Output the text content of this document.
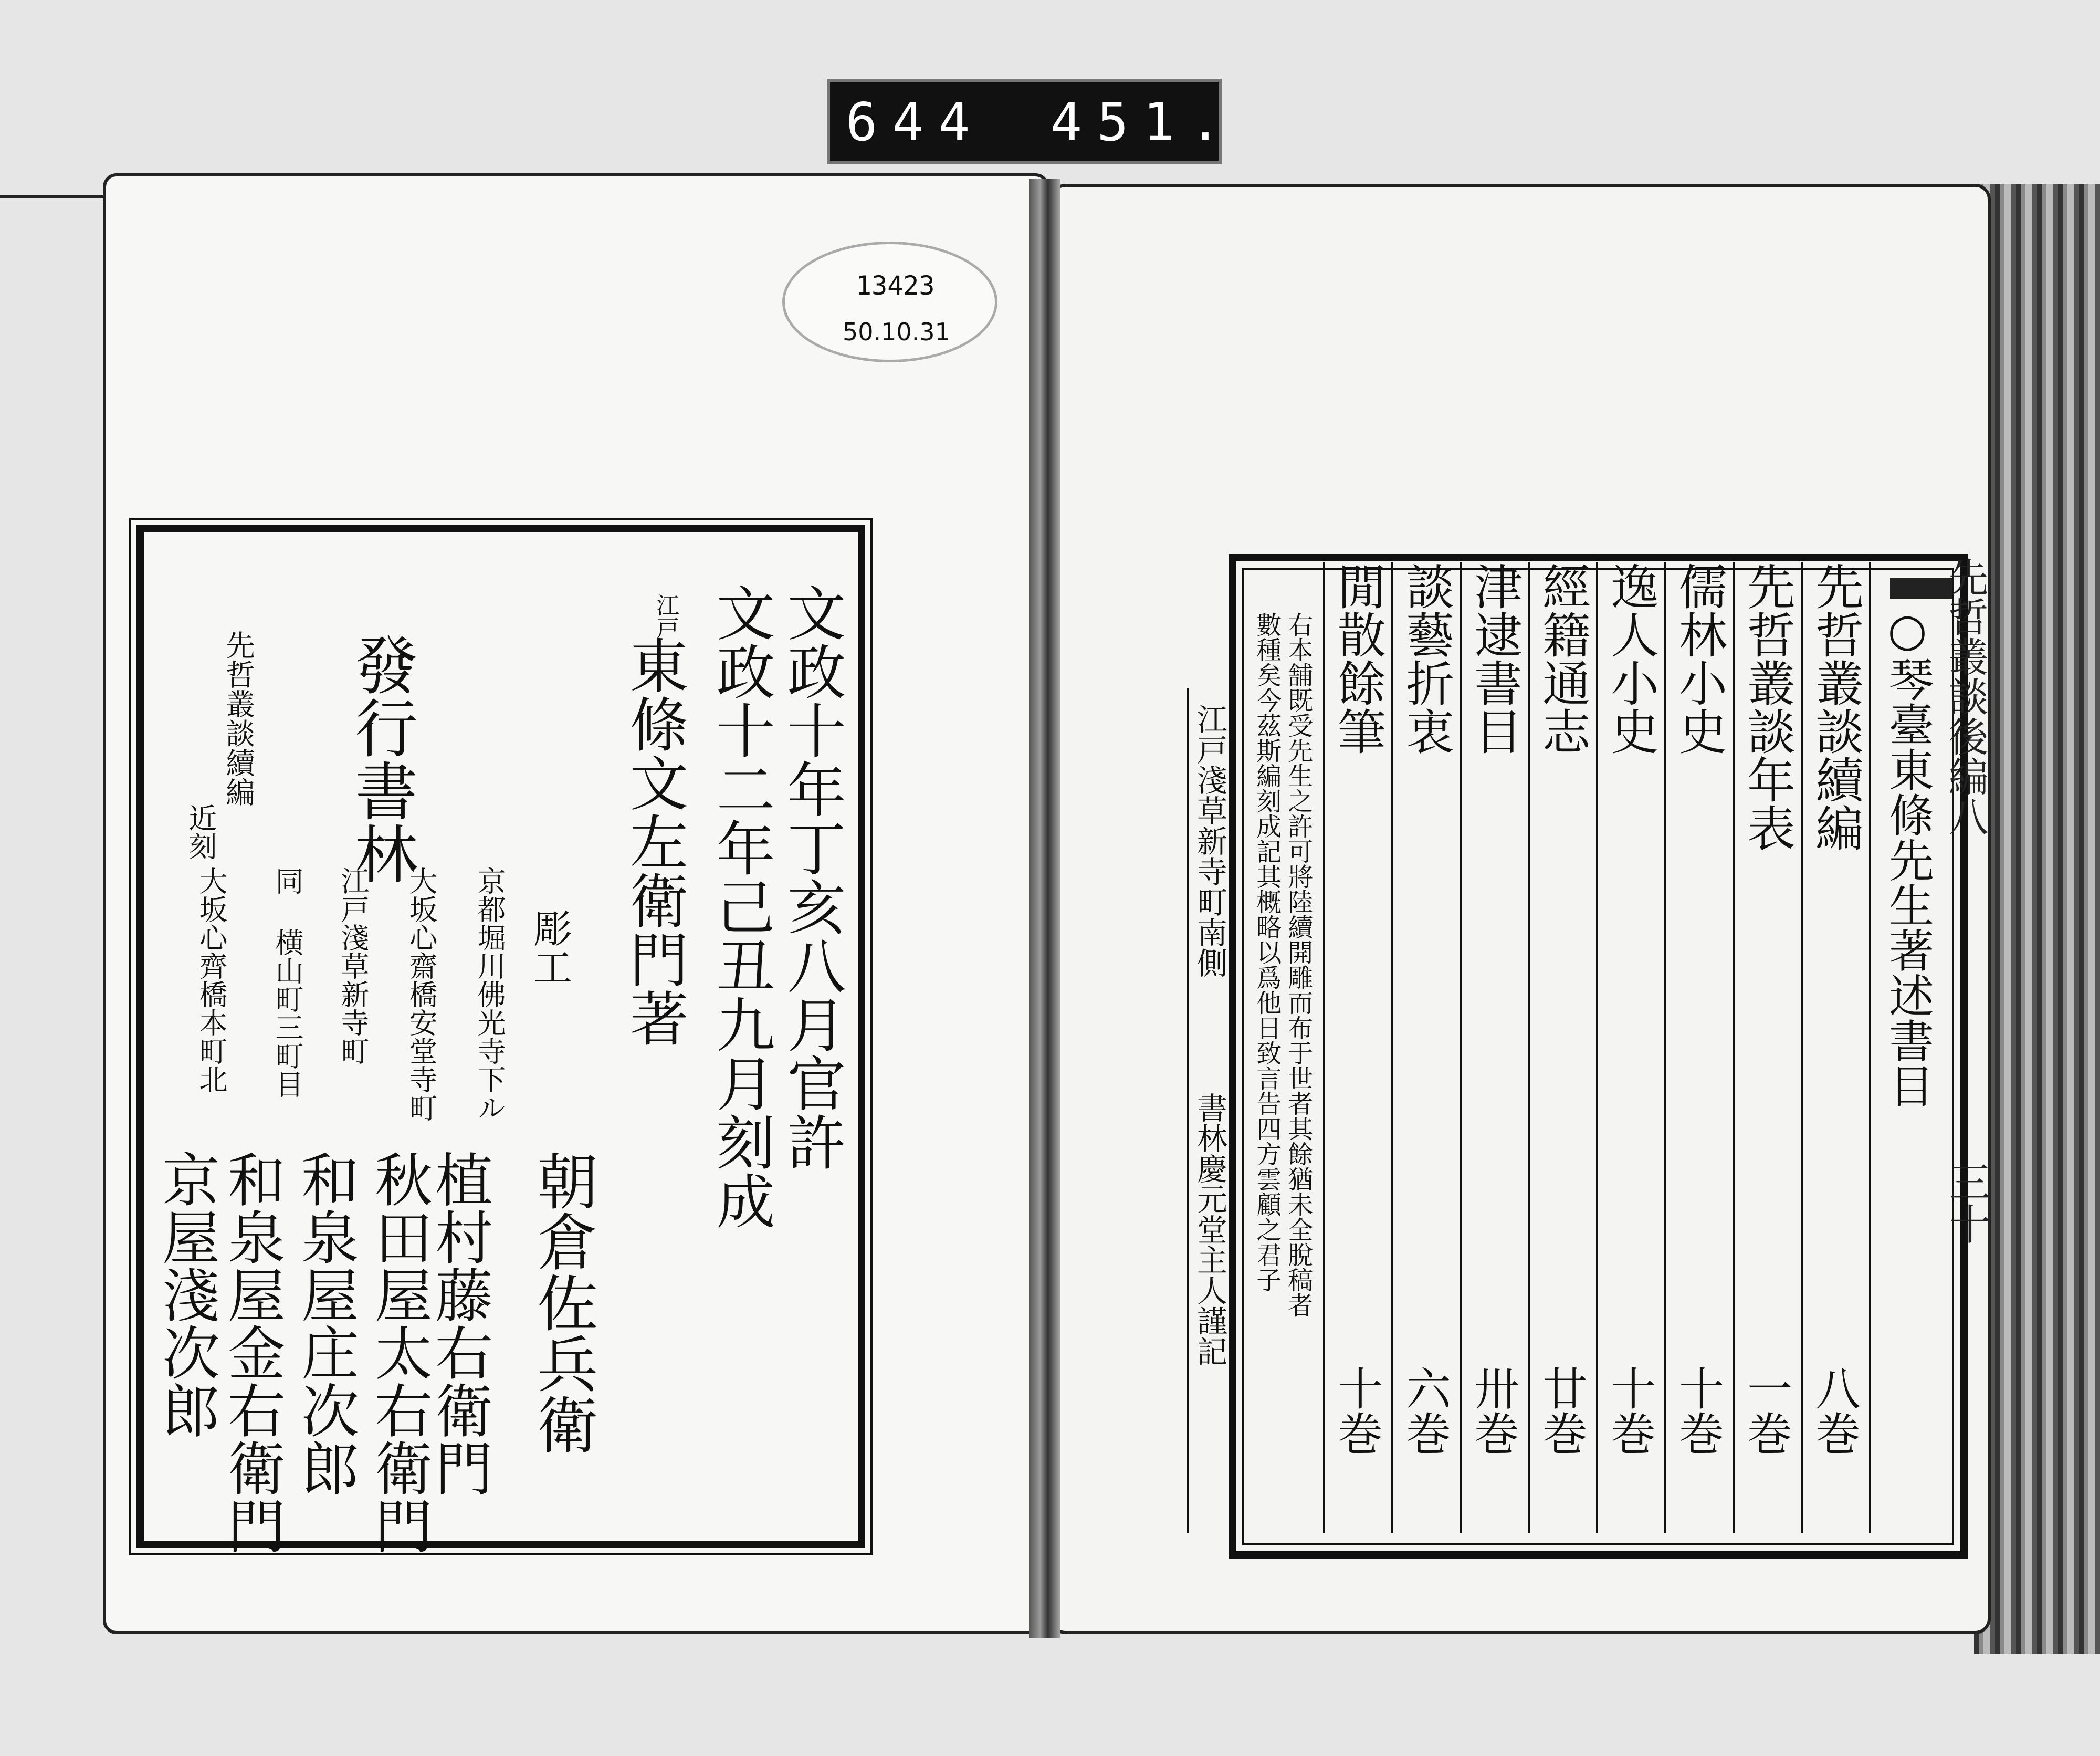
644 451.
13423
50.10.31
文政十年丁亥八月官許
文政十二年己丑九月刻成
江戸
東條文左衛門著
彫工
朝倉佐兵衛
發行書林
京都堀川佛光寺下ル
植村藤右衛門
大坂心齋橋安堂寺町
秋田屋太右衛門
江戸淺草新寺町
和泉屋庄次郎
同 横山町三町目
和泉屋金右衛門
大坂心齊橋本町北
京屋淺次郎
先哲叢談續編
近刻	○琴臺東條先生著述書目
先哲叢談續編
八巻
先哲叢談年表
一巻
儒林小史
十巻
逸人小史
十巻
經籍通志
廿巻
津逮書目
卅巻
談藝折衷
六巻
閒散餘筆
十巻
右本舗既受先生之許可將陸續開雕而布于世者其餘猶未全脫稿者
數種矣今茲斯編刻成記其概略以爲他日致言告四方雲顧之君子
江戸淺草新寺町南側
書林慶元堂主人謹記
先哲叢談後編八
三十
